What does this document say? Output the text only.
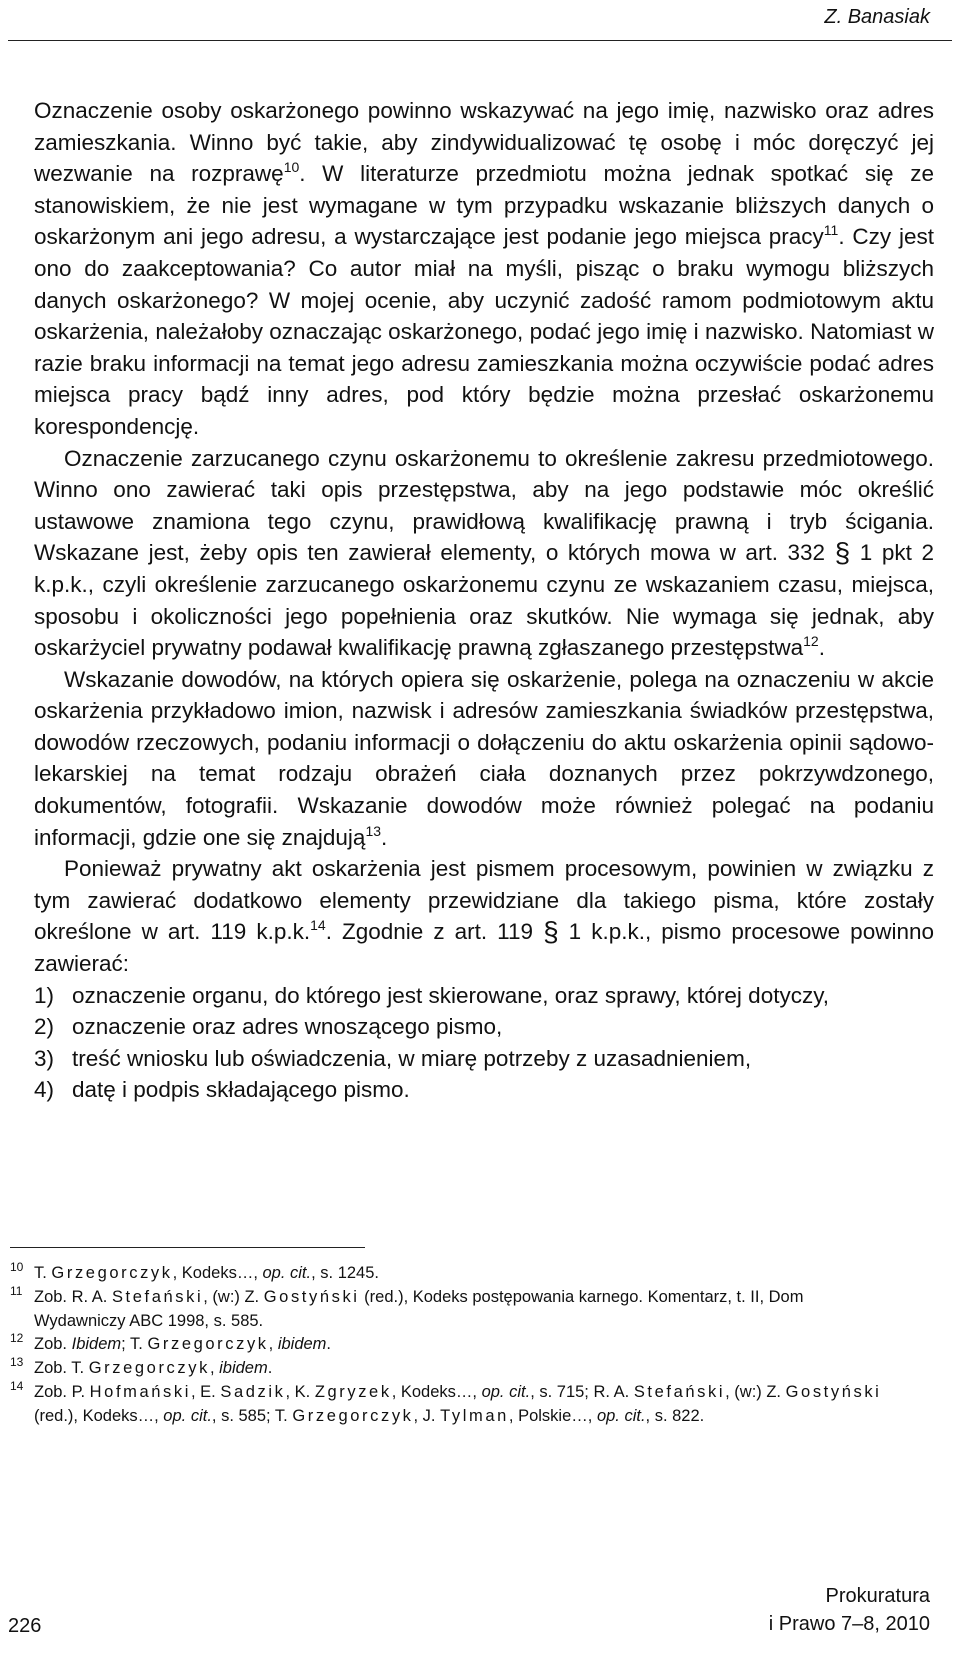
Z. Banasiak

Oznaczenie osoby oskarżonego powinno wskazywać na jego imię, nazwisko oraz adres zamieszkania. Winno być takie, aby zindywidualizować tę osobę i móc doręczyć jej wezwanie na rozprawę$^{10}$. W literaturze przedmiotu można jednak spotkać się ze stanowiskiem, że nie jest wymagane w tym przypadku wskazanie bliższych danych o oskarżonym ani jego adresu, a wystarczające jest podanie jego miejsca pracy$^{11}$. Czy jest ono do zaakceptowania? Co autor miał na myśli, pisząc o braku wymogu bliższych danych oskarżonego? W mojej ocenie, aby uczynić zadość ramom podmiotowym aktu oskarżenia, należałoby oznaczając oskarżonego, podać jego imię i nazwisko. Natomiast w razie braku informacji na temat jego adresu zamieszkania można oczywiście podać adres miejsca pracy bądź inny adres, pod który będzie można przesłać oskarżonemu korespondencję.

Oznaczenie zarzucanego czynu oskarżonemu to określenie zakresu przedmiotowego. Winno ono zawierać taki opis przestępstwa, aby na jego podstawie móc określić ustawowe znamiona tego czynu, prawidłową kwalifikację prawną i tryb ścigania. Wskazane jest, żeby opis ten zawierał elementy, o których mowa w art. 332 § 1 pkt 2 k.p.k., czyli określenie zarzucanego oskarżonemu czynu ze wskazaniem czasu, miejsca, sposobu i okoliczności jego popełnienia oraz skutków. Nie wymaga się jednak, aby oskarżyciel prywatny podawał kwalifikację prawną zgłaszanego przestępstwa$^{12}$.

Wskazanie dowodów, na których opiera się oskarżenie, polega na oznaczeniu w akcie oskarżenia przykładowo imion, nazwisk i adresów zamieszkania świadków przestępstwa, dowodów rzeczowych, podaniu informacji o dołączeniu do aktu oskarżenia opinii sądowo-lekarskiej na temat rodzaju obrażeń ciała doznanych przez pokrzywdzonego, dokumentów, fotografii. Wskazanie dowodów może również polegać na podaniu informacji, gdzie one się znajdują$^{13}$.

Ponieważ prywatny akt oskarżenia jest pismem procesowym, powinien w związku z tym zawierać dodatkowo elementy przewidziane dla takiego pisma, które zostały określone w art. 119 k.p.k.$^{14}$. Zgodnie z art. 119 § 1 k.p.k., pismo procesowe powinno zawierać:

1) oznaczenie organu, do którego jest skierowane, oraz sprawy, której dotyczy,
2) oznaczenie oraz adres wnoszącego pismo,
3) treść wniosku lub oświadczenia, w miarę potrzeby z uzasadnieniem,
4) datę i podpis składającego pismo.
10 T. Grzegorczyk, Kodeks…, op. cit., s. 1245.
11 Zob. R. A. Stefański, (w:) Z. Gostyński (red.), Kodeks postępowania karnego. Komentarz, t. II, Dom Wydawniczy ABC 1998, s. 585.
12 Zob. Ibidem; T. Grzegorczyk, ibidem.
13 Zob. T. Grzegorczyk, ibidem.
14 Zob. P. Hofmański, E. Sadzik, K. Zgryzek, Kodeks…, op. cit., s. 715; R. A. Stefański, (w:) Z. Gostyński (red.), Kodeks…, op. cit., s. 585; T. Grzegorczyk, J. Tylman, Polskie…, op. cit., s. 822.
226
Prokuratura
i Prawo 7–8, 2010
